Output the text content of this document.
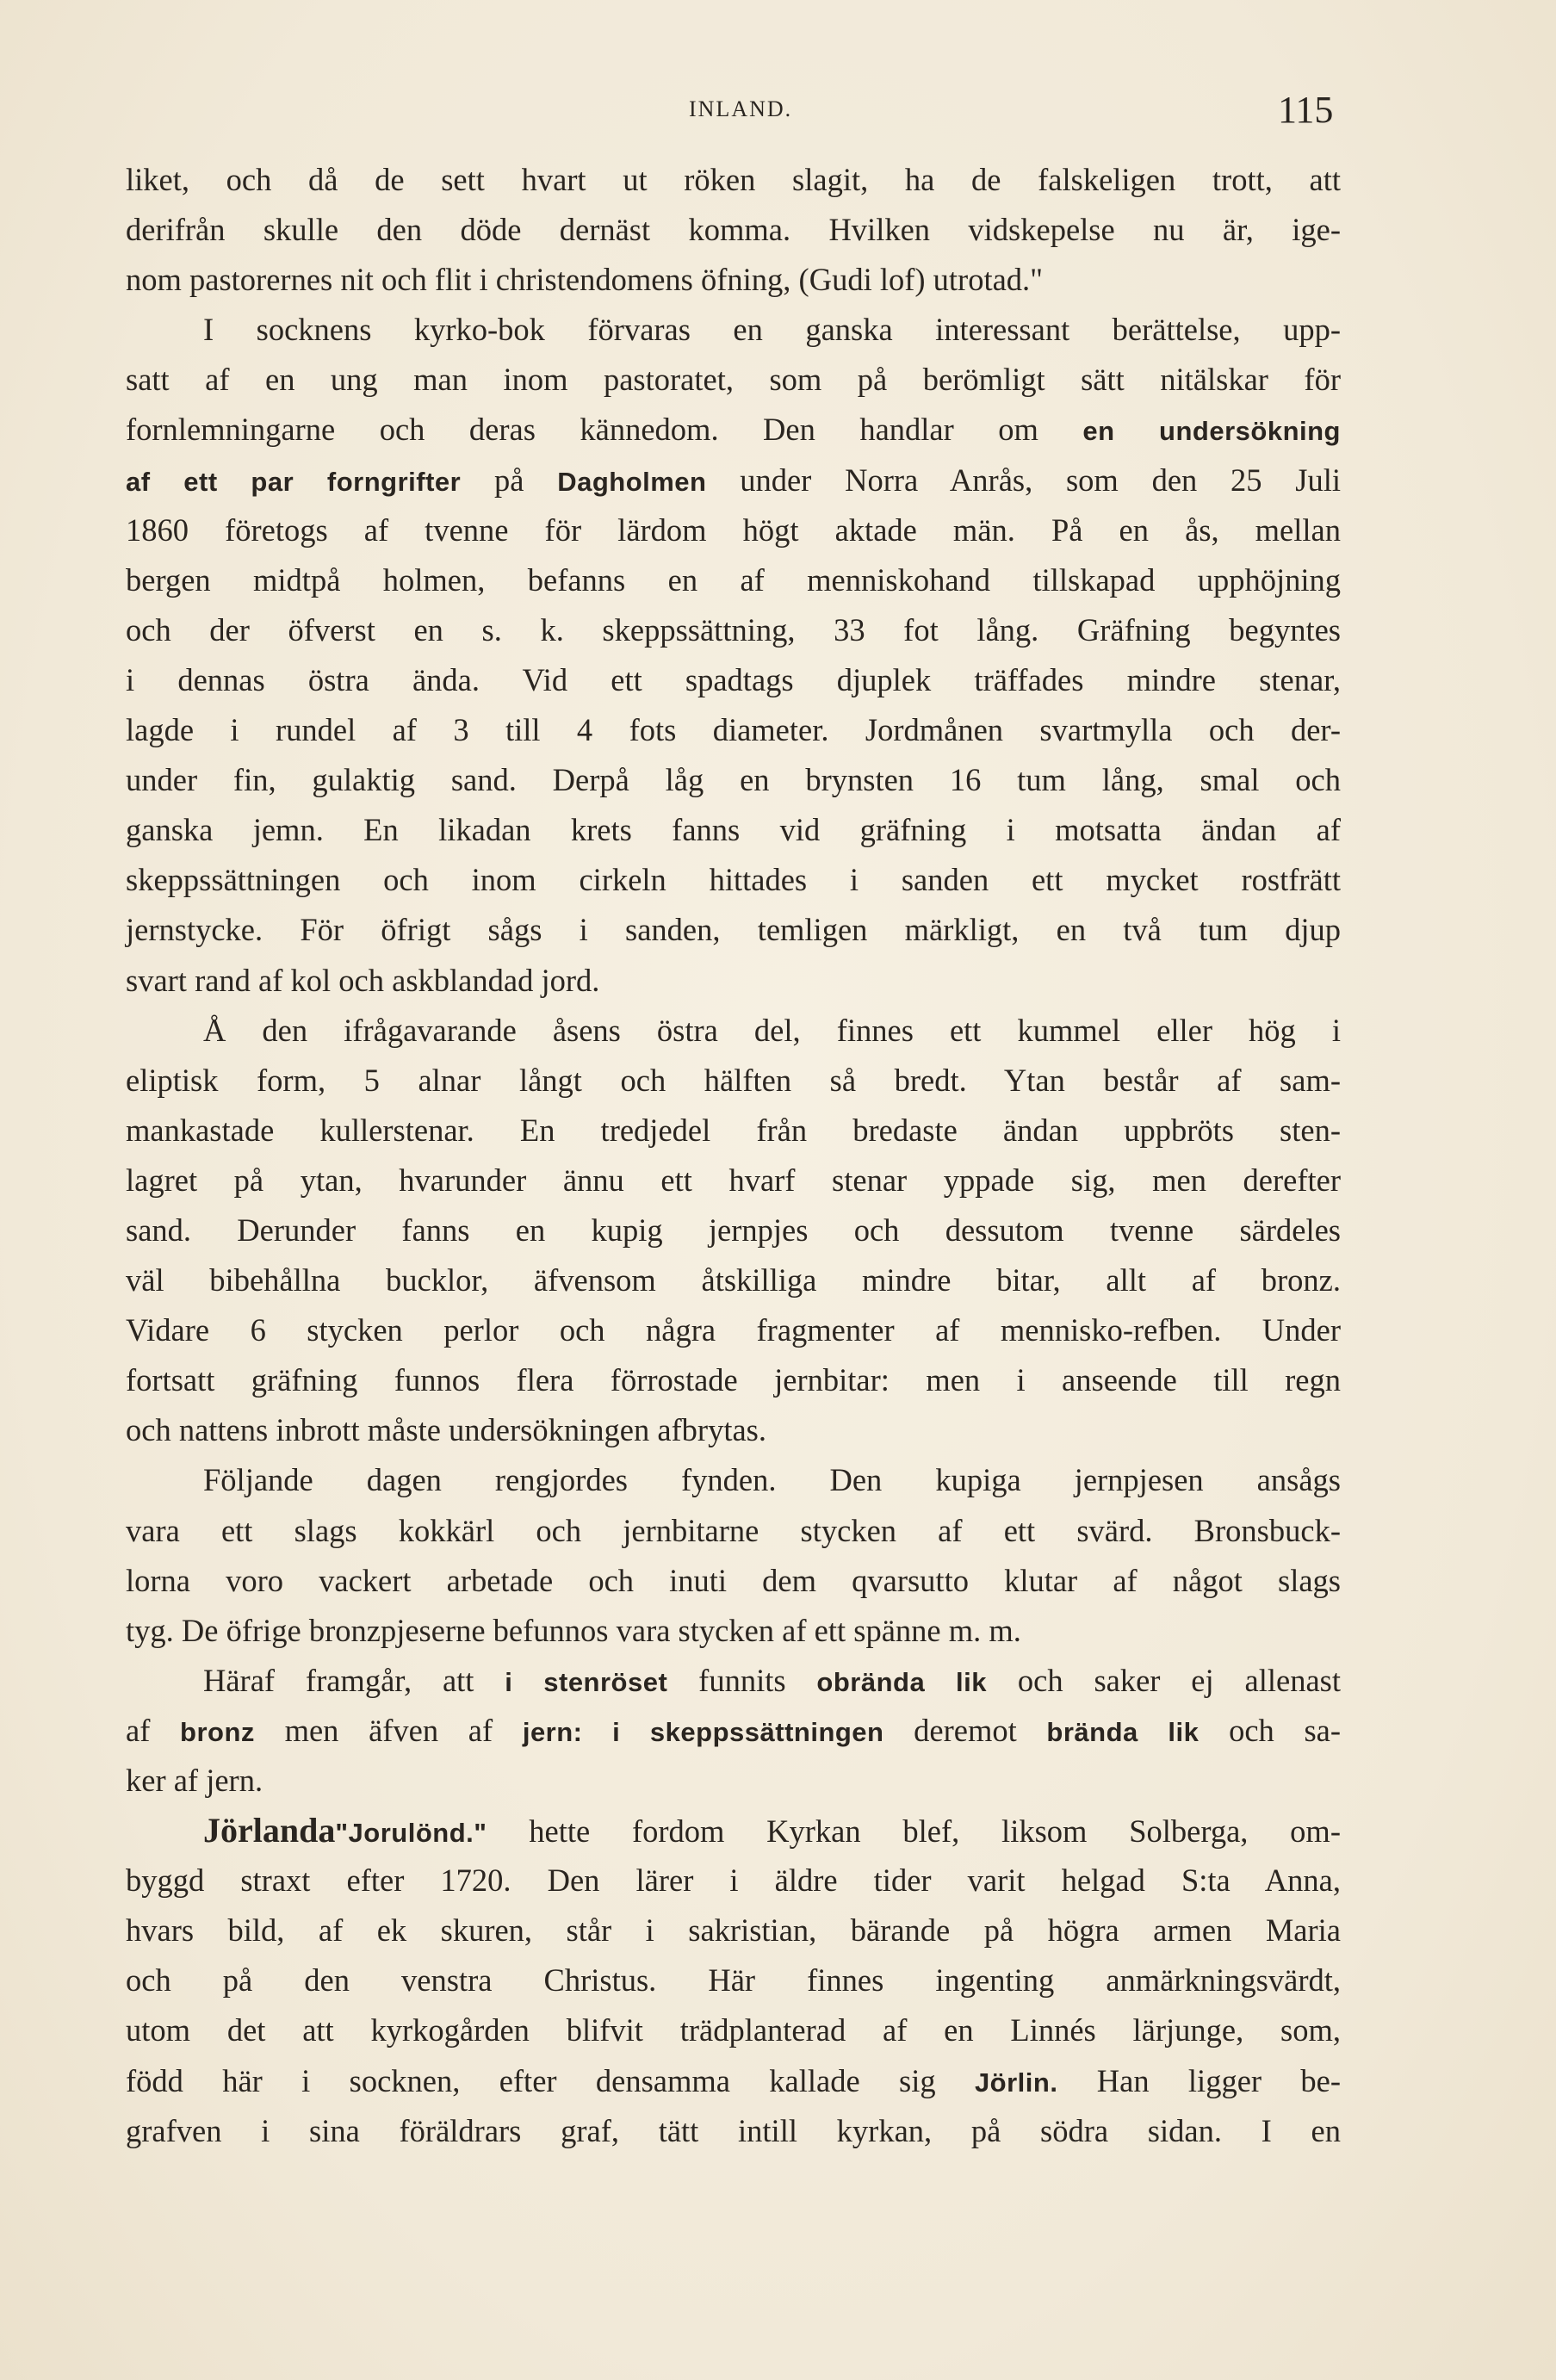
INLAND.	115
liket, och då de sett hvart ut röken slagit, ha de falskeligen trott, att
derifrån skulle den döde dernäst komma. Hvilken vidskepelse nu är, ige-
nom pastorernes nit och flit i christendomens öfning, (Gudi lof) utrotad."
I socknens kyrko-bok förvaras en ganska interessant berättelse, upp-
satt af en ung man inom pastoratet, som på berömligt sätt nitälskar för
fornlemningarne och deras kännedom. Den handlar om en undersökning
af ett par forngrifter på Dagholmen under Norra Anrås, som den 25 Juli
1860 företogs af tvenne för lärdom högt aktade män. På en ås, mellan
bergen midtpå holmen, befanns en af menniskohand tillskapad upphöjning
och der öfverst en s. k. skeppssättning, 33 fot lång. Gräfning begyntes
i dennas östra ända. Vid ett spadtags djuplek träffades mindre stenar,
lagde i rundel af 3 till 4 fots diameter. Jordmånen svartmylla och der-
under fin, gulaktig sand. Derpå låg en brynsten 16 tum lång, smal och
ganska jemn. En likadan krets fanns vid gräfning i motsatta ändan af
skeppssättningen och inom cirkeln hittades i sanden ett mycket rostfrätt
jernstycke. För öfrigt sågs i sanden, temligen märkligt, en två tum djup
svart rand af kol och askblandad jord.
Å den ifrågavarande åsens östra del, finnes ett kummel eller hög i
eliptisk form, 5 alnar långt och hälften så bredt. Ytan består af sam-
mankastade kullerstenar. En tredjedel från bredaste ändan uppbröts sten-
lagret på ytan, hvarunder ännu ett hvarf stenar yppade sig, men derefter
sand. Derunder fanns en kupig jernpjes och dessutom tvenne särdeles
väl bibehållna bucklor, äfvensom åtskilliga mindre bitar, allt af bronz.
Vidare 6 stycken perlor och några fragmenter af mennisko-refben. Under
fortsatt gräfning funnos flera förrostade jernbitar: men i anseende till regn
och nattens inbrott måste undersökningen afbrytas.
Följande dagen rengjordes fynden. Den kupiga jernpjesen ansågs
vara ett slags kokkärl och jernbitarne stycken af ett svärd. Bronsbuck-
lorna voro vackert arbetade och inuti dem qvarsutto klutar af något slags
tyg. De öfrige bronzpjeserne befunnos vara stycken af ett spänne m. m.
Häraf framgår, att i stenröset funnits obrända lik och saker ej allenast
af bronz men äfven af jern: i skeppssättningen deremot brända lik och sa-
ker af jern.
Jörlanda"Jorulönd." hette fordom Kyrkan blef, liksom Solberga, om-
byggd straxt efter 1720. Den lärer i äldre tider varit helgad S:ta Anna,
hvars bild, af ek skuren, står i sakristian, bärande på högra armen Maria
och på den venstra Christus. Här finnes ingenting anmärkningsvärdt,
utom det att kyrkogården blifvit trädplanterad af en Linnés lärjunge, som,
född här i socknen, efter densamma kallade sig Jörlin. Han ligger be-
grafven i sina föräldrars graf, tätt intill kyrkan, på södra sidan. I en
